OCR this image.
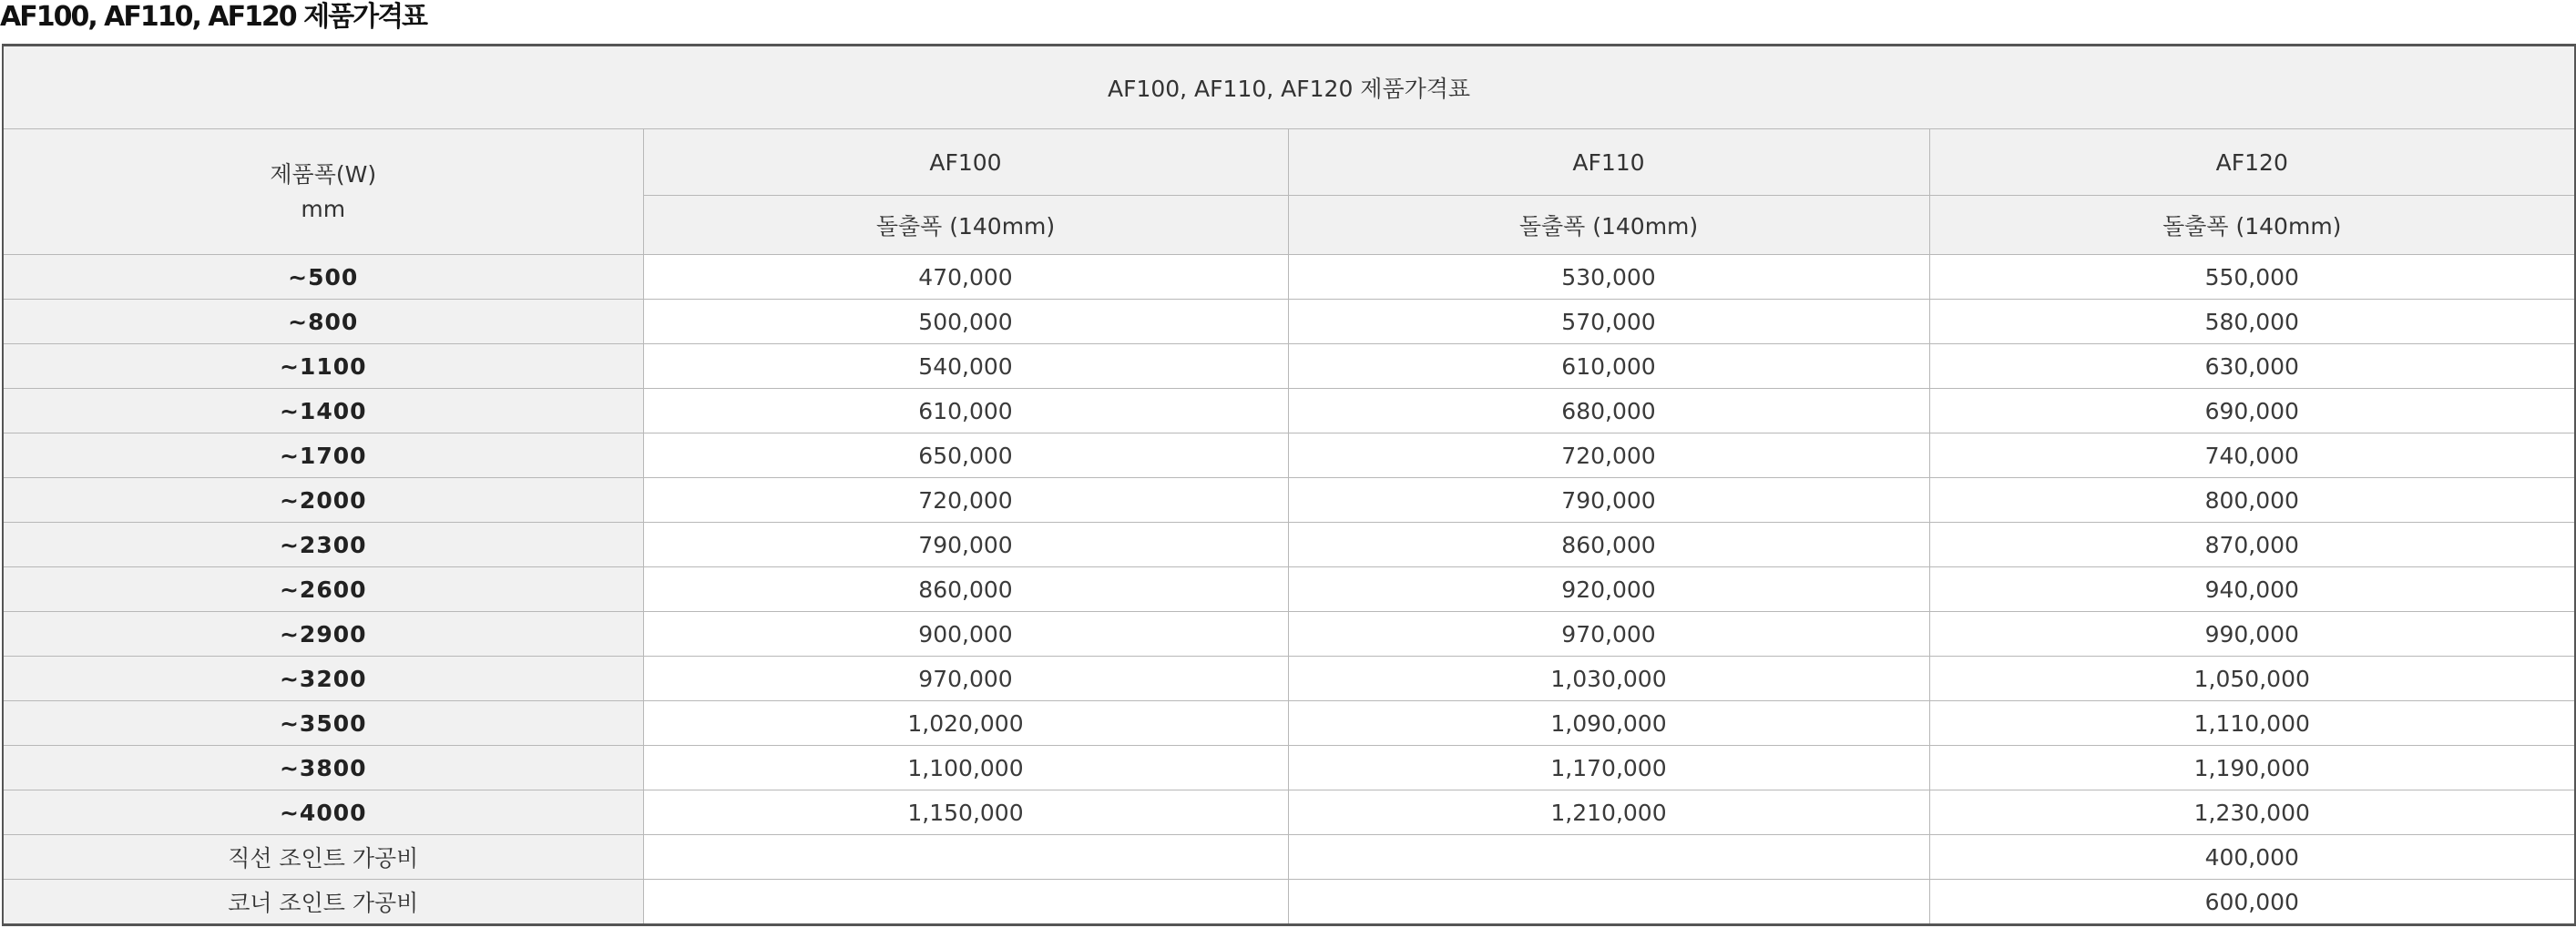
AF100, AF110, AF120 제품가격표
AF100, AF110, AF120 제품가격표			

제품폭(W)
mm	AF100	AF110	AF120
	돌출폭 (140mm)	돌출폭 (140mm)	돌출폭 (140mm)
~500	470,000	530,000	550,000
~800	500,000	570,000	580,000
~1100	540,000	610,000	630,000
~1400	610,000	680,000	690,000
~1700	650,000	720,000	740,000
~2000	720,000	790,000	800,000
~2300	790,000	860,000	870,000
~2600	860,000	920,000	940,000
~2900	900,000	970,000	990,000
~3200	970,000	1,030,000	1,050,000
~3500	1,020,000	1,090,000	1,110,000
~3800	1,100,000	1,170,000	1,190,000
~4000	1,150,000	1,210,000	1,230,000
직선 조인트 가공비			400,000
코너 조인트 가공비			600,000
